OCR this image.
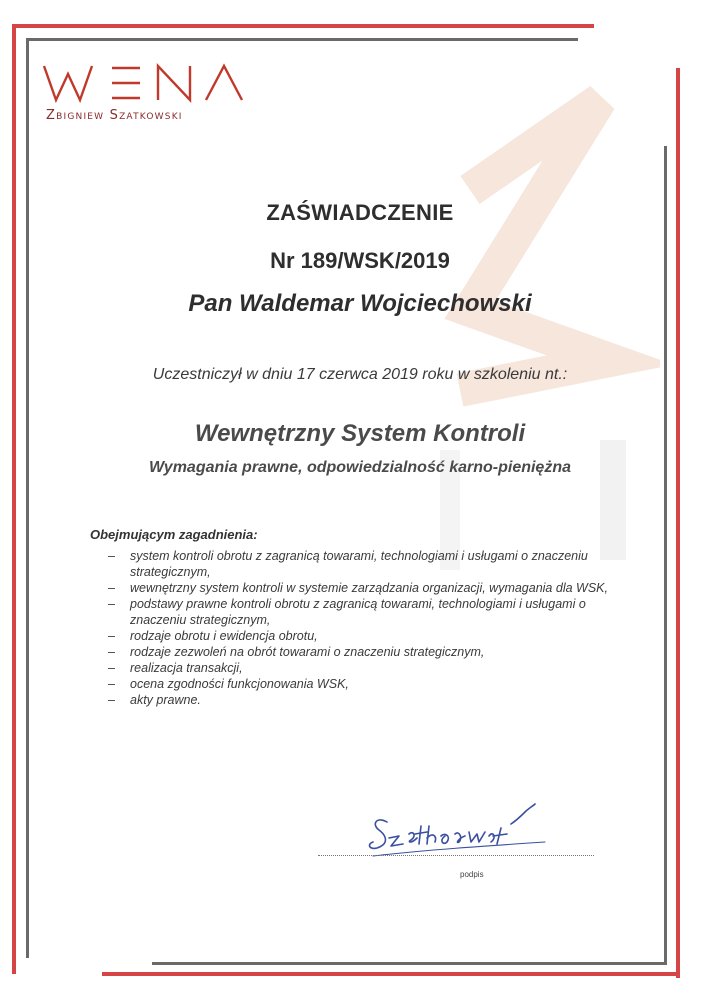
Zbigniew Szatkowski
ZAŚWIADCZENIE
Nr 189/WSK/2019
Pan Waldemar Wojciechowski
Uczestniczył w dniu 17 czerwca 2019 roku w szkoleniu nt.:
Wewnętrzny System Kontroli
Wymagania prawne, odpowiedzialność karno-pieniężna
Obejmującym zagadnienia:
– system kontroli obrotu z zagranicą towarami, technologiami i usługami o znaczeniu strategicznym,
– wewnętrzny system kontroli w systemie zarządzania organizacji, wymagania dla WSK,
– podstawy prawne kontroli obrotu z zagranicą towarami, technologiami i usługami o znaczeniu strategicznym,
– rodzaje obrotu i ewidencja obrotu,
– rodzaje zezwoleń na obrót towarami o znaczeniu strategicznym,
– realizacja transakcji,
– ocena zgodności funkcjonowania WSK,
– akty prawne.
podpis
